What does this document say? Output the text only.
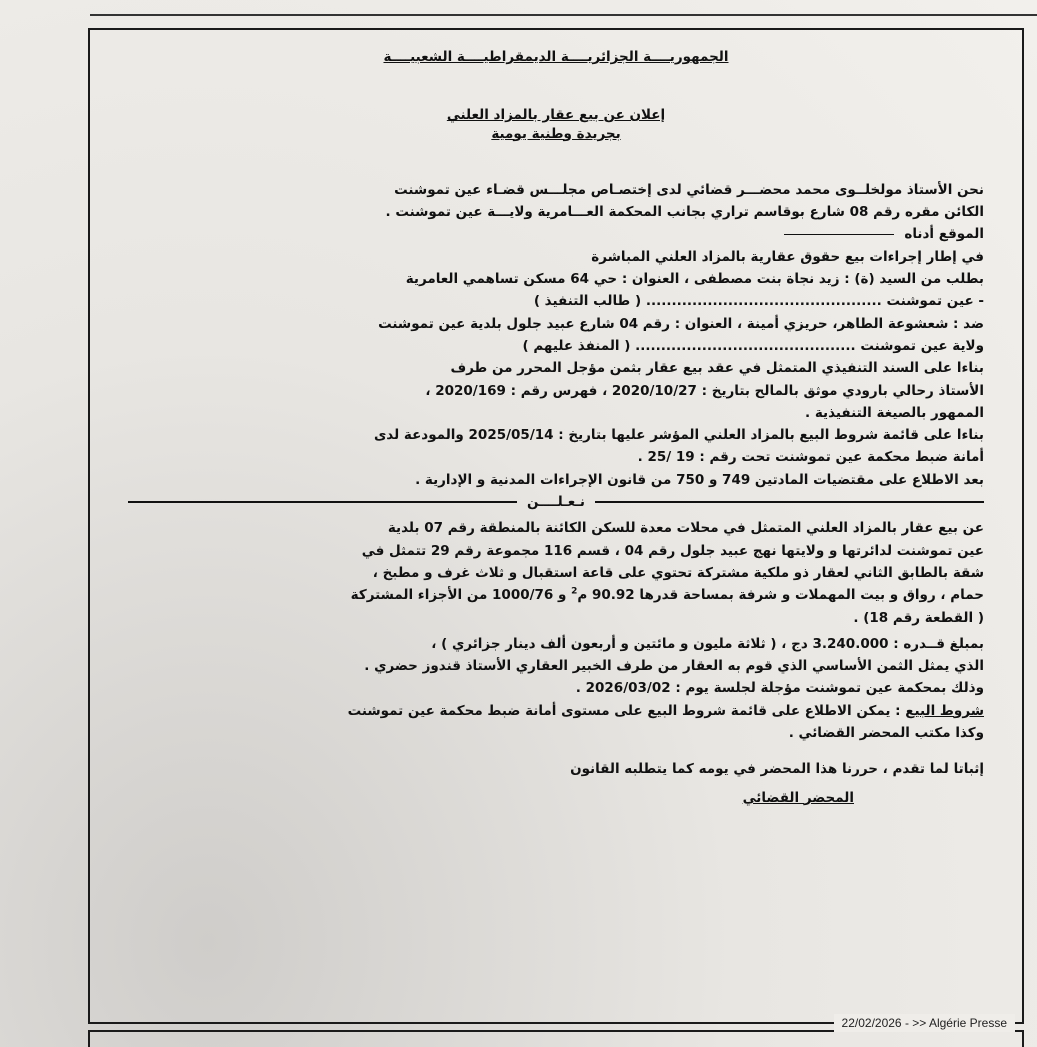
22/02/2026 - >> Algérie Presse
الجمهوريــــة الجزائريــــة الديمقراطيــــة الشعبيــــة
إعلان عن بيع عقار بالمزاد العلني
بجريدة وطنية يومية
نحن الأستاذ مولخلــوى محمد محضـــر قضائي لدى إختصـاص مجلـــس قضـاء عين تموشنت
الكائن مقره رقم 08 شارع بوقاسم تراري بجانب المحكمة العـــامرية ولايـــة عين تموشنت .
الموقع أدناه
في إطار إجراءات بيع حقوق عقارية بالمزاد العلني المباشرة
بطلب من السيد (ة) : زيد نجاة بنت مصطفى ، العنوان : حي 64 مسكن تساهمي العامرية
- عين تموشنت .............................................. ( طالب التنفيذ )
ضد : شعشوعة الطاهر، حريزي أمينة ، العنوان : رقم 04 شارع عبيد جلول بلدية عين تموشنت
ولاية عين تموشنت ........................................... ( المنفذ عليهم )
بناءا على السند التنفيذي المتمثل في عقد بيع عقار بثمن مؤجل المحرر من طرف
الأستاذ رحالي بارودي موثق بالمالح بتاريخ : 2020/10/27 ، فهرس رقم : 2020/169 ،
الممهور بالصيغة التنفيذية .
بناءا على قائمة شروط البيع بالمزاد العلني المؤشر عليها بتاريخ : 2025/05/14 والمودعة لدى
أمانة ضبط محكمة عين تموشنت تحت رقم : 19 /25 .
بعد الاطلاع على مقتضيات المادتين 749 و 750 من قانون الإجراءات المدنية و الإدارية .
نـعـلــــن
عن بيع عقار بالمزاد العلني المتمثل في محلات معدة للسكن الكائنة بالمنطقة رقم 07 بلدية
عين تموشنت لدائرتها و ولايتها نهج عبيد جلول رقم 04 ، قسم 116 مجموعة رقم 29 تتمثل في
شقة بالطابق الثاني لعقار ذو ملكية مشتركة تحتوي على قاعة استقبال و ثلاث غرف و مطبخ ،
حمام ، رواق و بيت المهملات و شرفة بمساحة قدرها 90.92 م$^2$ و 1000/76 من الأجزاء المشتركة
( القطعة رقم 18) .
بمبلغ قــدره : 3.240.000 دج ، ( ثلاثة مليون و مائتين و أربعون ألف دينار جزائري ) ،
الذي يمثل الثمن الأساسي الذي قوم به العقار من طرف الخبير العقاري الأستاذ قندوز حضري .
وذلك بمحكمة عين تموشنت مؤجلة لجلسة يوم : 2026/03/02 .
شروط البيع : يمكن الاطلاع على قائمة شروط البيع على مستوى أمانة ضبط محكمة عين تموشنت
وكذا مكتب المحضر القضائي .
إثباتا لما تقدم ، حررنا هذا المحضر في يومه كما يتطلبه القانون
المحضر القضائي
